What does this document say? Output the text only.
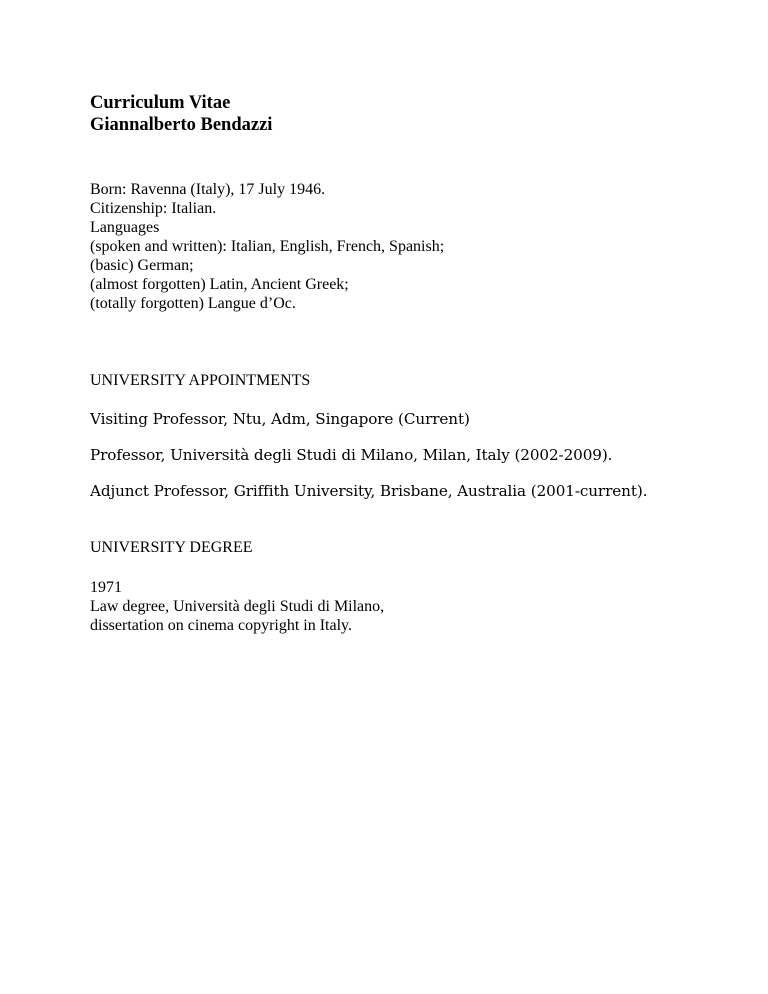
Curriculum Vitae

Giannalberto Bendazzi

Born: Ravenna (Italy), 17 July 1946.
Citizenship: Italian.
Languages
(spoken and written): Italian, English, French, Spanish;
(basic) German;
(almost forgotten) Latin, Ancient Greek;
(totally forgotten) Langue d’Oc.

UNIVERSITY APPOINTMENTS

Visiting Professor, Ntu, Adm, Singapore (Current)

Professor, Università degli Studi di Milano, Milan, Italy (2002-2009).

Adjunct Professor, Griffith University, Brisbane, Australia (2001-current).

UNIVERSITY DEGREE

1971
Law degree, Università degli Studi di Milano,
dissertation on cinema copyright in Italy.
